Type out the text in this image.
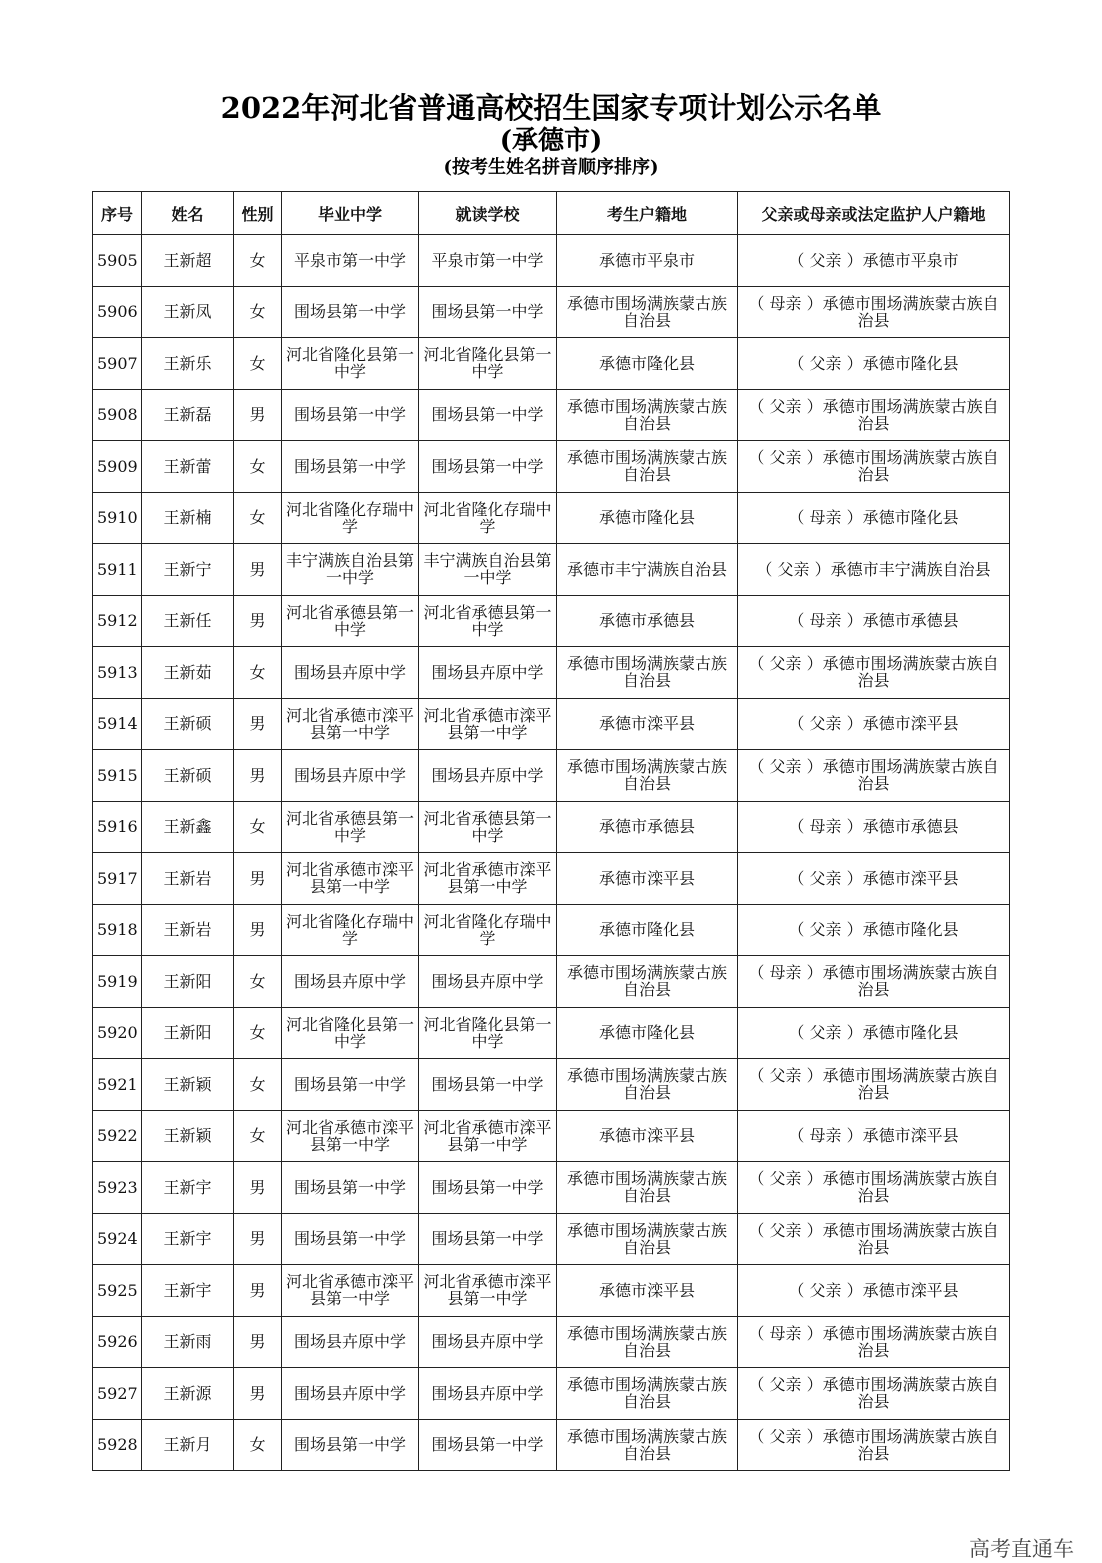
2022年河北省普通高校招生国家专项计划公示名单
(承德市)
(按考生姓名拼音顺序排序)
序号	姓名	性别	毕业中学	就读学校	考生户籍地	父亲或母亲或法定监护人户籍地
5905	王新超	女	平泉市第一中学	平泉市第一中学	承德市平泉市	（ 父亲 ）承德市平泉市
5906	王新凤	女	围场县第一中学	围场县第一中学	承德市围场满族蒙古族自治县	（ 母亲 ）承德市围场满族蒙古族自治县
5907	王新乐	女	河北省隆化县第一中学	河北省隆化县第一中学	承德市隆化县	（ 父亲 ）承德市隆化县
5908	王新磊	男	围场县第一中学	围场县第一中学	承德市围场满族蒙古族自治县	（ 父亲 ）承德市围场满族蒙古族自治县
5909	王新蕾	女	围场县第一中学	围场县第一中学	承德市围场满族蒙古族自治县	（ 父亲 ）承德市围场满族蒙古族自治县
5910	王新楠	女	河北省隆化存瑞中学	河北省隆化存瑞中学	承德市隆化县	（ 母亲 ）承德市隆化县
5911	王新宁	男	丰宁满族自治县第一中学	丰宁满族自治县第一中学	承德市丰宁满族自治县	（ 父亲 ）承德市丰宁满族自治县
5912	王新任	男	河北省承德县第一中学	河北省承德县第一中学	承德市承德县	（ 母亲 ）承德市承德县
5913	王新茹	女	围场县卉原中学	围场县卉原中学	承德市围场满族蒙古族自治县	（ 父亲 ）承德市围场满族蒙古族自治县
5914	王新硕	男	河北省承德市滦平县第一中学	河北省承德市滦平县第一中学	承德市滦平县	（ 父亲 ）承德市滦平县
5915	王新硕	男	围场县卉原中学	围场县卉原中学	承德市围场满族蒙古族自治县	（ 父亲 ）承德市围场满族蒙古族自治县
5916	王新鑫	女	河北省承德县第一中学	河北省承德县第一中学	承德市承德县	（ 母亲 ）承德市承德县
5917	王新岩	男	河北省承德市滦平县第一中学	河北省承德市滦平县第一中学	承德市滦平县	（ 父亲 ）承德市滦平县
5918	王新岩	男	河北省隆化存瑞中学	河北省隆化存瑞中学	承德市隆化县	（ 父亲 ）承德市隆化县
5919	王新阳	女	围场县卉原中学	围场县卉原中学	承德市围场满族蒙古族自治县	（ 母亲 ）承德市围场满族蒙古族自治县
5920	王新阳	女	河北省隆化县第一中学	河北省隆化县第一中学	承德市隆化县	（ 父亲 ）承德市隆化县
5921	王新颖	女	围场县第一中学	围场县第一中学	承德市围场满族蒙古族自治县	（ 父亲 ）承德市围场满族蒙古族自治县
5922	王新颖	女	河北省承德市滦平县第一中学	河北省承德市滦平县第一中学	承德市滦平县	（ 母亲 ）承德市滦平县
5923	王新宇	男	围场县第一中学	围场县第一中学	承德市围场满族蒙古族自治县	（ 父亲 ）承德市围场满族蒙古族自治县
5924	王新宇	男	围场县第一中学	围场县第一中学	承德市围场满族蒙古族自治县	（ 父亲 ）承德市围场满族蒙古族自治县
5925	王新宇	男	河北省承德市滦平县第一中学	河北省承德市滦平县第一中学	承德市滦平县	（ 父亲 ）承德市滦平县
5926	王新雨	男	围场县卉原中学	围场县卉原中学	承德市围场满族蒙古族自治县	（ 母亲 ）承德市围场满族蒙古族自治县
5927	王新源	男	围场县卉原中学	围场县卉原中学	承德市围场满族蒙古族自治县	（ 父亲 ）承德市围场满族蒙古族自治县
5928	王新月	女	围场县第一中学	围场县第一中学	承德市围场满族蒙古族自治县	（ 父亲 ）承德市围场满族蒙古族自治县
高考直通车
